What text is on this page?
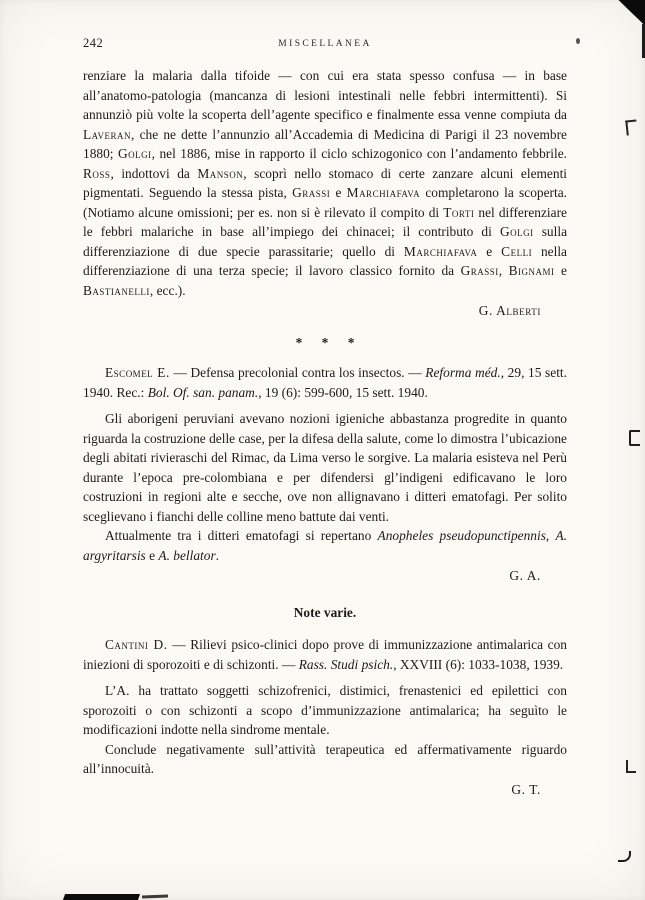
242	MISCELLANEA

renziare la malaria dalla tifoide — con cui era stata spesso confusa — in base all’anatomo-patologia (mancanza di lesioni intestinali nelle febbri intermittenti). Si annunziò più volte la scoperta dell’agente specifico e finalmente essa venne compiuta da Laveran, che ne dette l’annunzio all’Accademia di Medicina di Parigi il 23 novembre 1880; Golgi, nel 1886, mise in rapporto il ciclo schizogonico con l’andamento febbrile. Ross, indottovi da Manson, scoprì nello stomaco di certe zanzare alcuni elementi pigmentati. Seguendo la stessa pista, Grassi e Marchiafava completarono la scoperta. (Notiamo alcune omissioni; per es. non si è rilevato il compito di Torti nel differenziare le febbri malariche in base all’impiego dei chinacei; il contributo di Golgi sulla differenziazione di due specie parassitarie; quello di Marchiafava e Celli nella differenziazione di una terza specie; il lavoro classico fornito da Grassi, Bignami e Bastianelli, ecc.).

G. Alberti

* * *

Escomel E. — Defensa precolonial contra los insectos. — Reforma méd., 29, 15 sett. 1940. Rec.: Bol. Of. san. panam., 19 (6): 599-600, 15 sett. 1940.

Gli aborigeni peruviani avevano nozioni igieniche abbastanza progredite in quanto riguarda la costruzione delle case, per la difesa della salute, come lo dimostra l’ubicazione degli abitati rivieraschi del Rimac, da Lima verso le sorgive. La malaria esisteva nel Perù durante l’epoca pre-colombiana e per difendersi gl’indigeni edificavano le loro costruzioni in regioni alte e secche, ove non allignavano i ditteri ematofagi. Per solito sceglievano i fianchi delle colline meno battute dai venti.

Attualmente tra i ditteri ematofagi si repertano Anopheles pseudopunctipennis, A. argyritarsis e A. bellator.

G. A.

Note varie.

Cantini D. — Rilievi psico-clinici dopo prove di immunizzazione antimalarica con iniezioni di sporozoiti e di schizonti. — Rass. Studi psich., XXVIII (6): 1033-1038, 1939.

L’A. ha trattato soggetti schizofrenici, distimici, frenastenici ed epilettici con sporozoiti o con schizonti a scopo d’immunizzazione antimalarica; ha seguìto le modificazioni indotte nella sindrome mentale.

Conclude negativamente sull’attività terapeutica ed affermativamente riguardo all’innocuità.

G. T.
